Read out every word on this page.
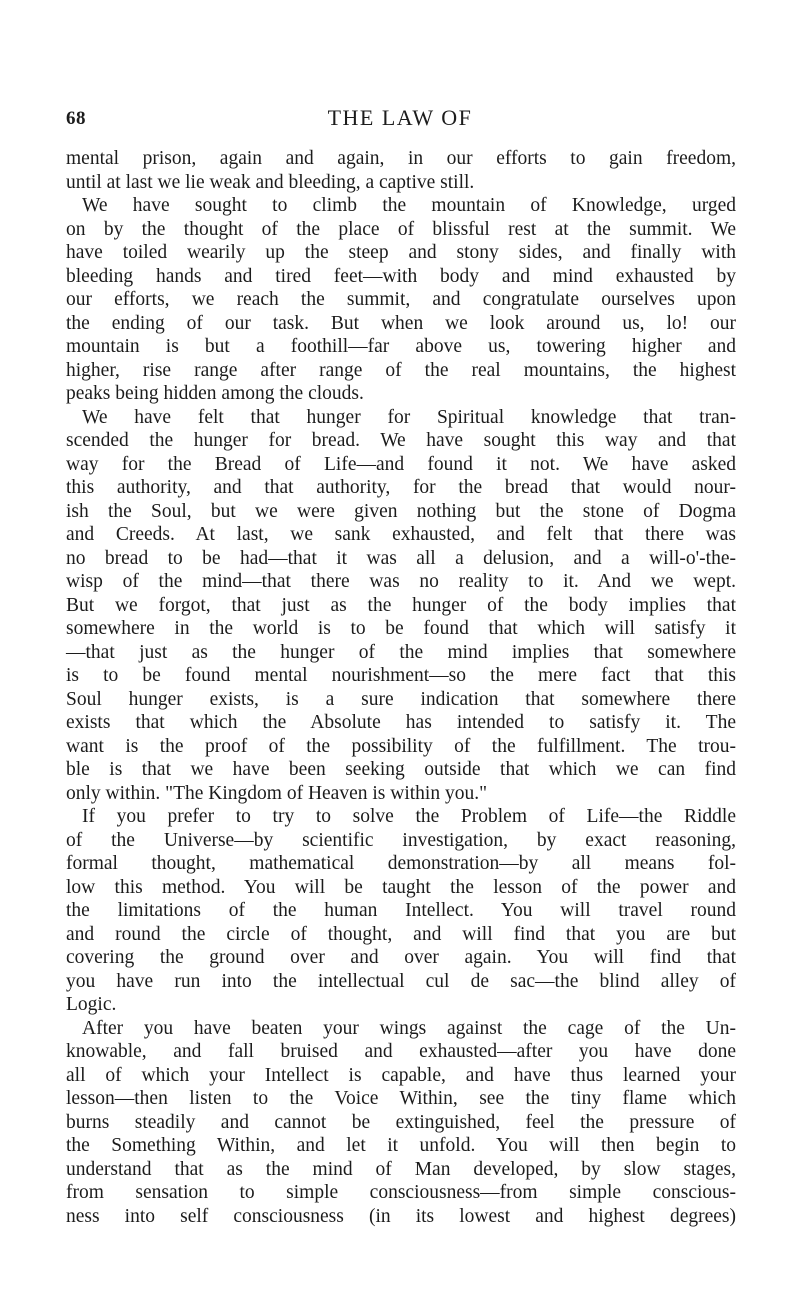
68	THE LAW OF
mental prison, again and again, in our efforts to gain freedom,
until at last we lie weak and bleeding, a captive still.
We have sought to climb the mountain of Knowledge, urged
on by the thought of the place of blissful rest at the summit. We
have toiled wearily up the steep and stony sides, and finally with
bleeding hands and tired feet—with body and mind exhausted by
our efforts, we reach the summit, and congratulate ourselves upon
the ending of our task. But when we look around us, lo! our
mountain is but a foothill—far above us, towering higher and
higher, rise range after range of the real mountains, the highest
peaks being hidden among the clouds.
We have felt that hunger for Spiritual knowledge that tran-
scended the hunger for bread. We have sought this way and that
way for the Bread of Life—and found it not. We have asked
this authority, and that authority, for the bread that would nour-
ish the Soul, but we were given nothing but the stone of Dogma
and Creeds. At last, we sank exhausted, and felt that there was
no bread to be had—that it was all a delusion, and a will-o'-the-
wisp of the mind—that there was no reality to it. And we wept.
But we forgot, that just as the hunger of the body implies that
somewhere in the world is to be found that which will satisfy it
—that just as the hunger of the mind implies that somewhere
is to be found mental nourishment—so the mere fact that this
Soul hunger exists, is a sure indication that somewhere there
exists that which the Absolute has intended to satisfy it. The
want is the proof of the possibility of the fulfillment. The trou-
ble is that we have been seeking outside that which we can find
only within. "The Kingdom of Heaven is within you."
If you prefer to try to solve the Problem of Life—the Riddle
of the Universe—by scientific investigation, by exact reasoning,
formal thought, mathematical demonstration—by all means fol-
low this method. You will be taught the lesson of the power and
the limitations of the human Intellect. You will travel round
and round the circle of thought, and will find that you are but
covering the ground over and over again. You will find that
you have run into the intellectual cul de sac—the blind alley of
Logic.
After you have beaten your wings against the cage of the Un-
knowable, and fall bruised and exhausted—after you have done
all of which your Intellect is capable, and have thus learned your
lesson—then listen to the Voice Within, see the tiny flame which
burns steadily and cannot be extinguished, feel the pressure of
the Something Within, and let it unfold. You will then begin to
understand that as the mind of Man developed, by slow stages,
from sensation to simple consciousness—from simple conscious-
ness into self consciousness (in its lowest and highest degrees)
